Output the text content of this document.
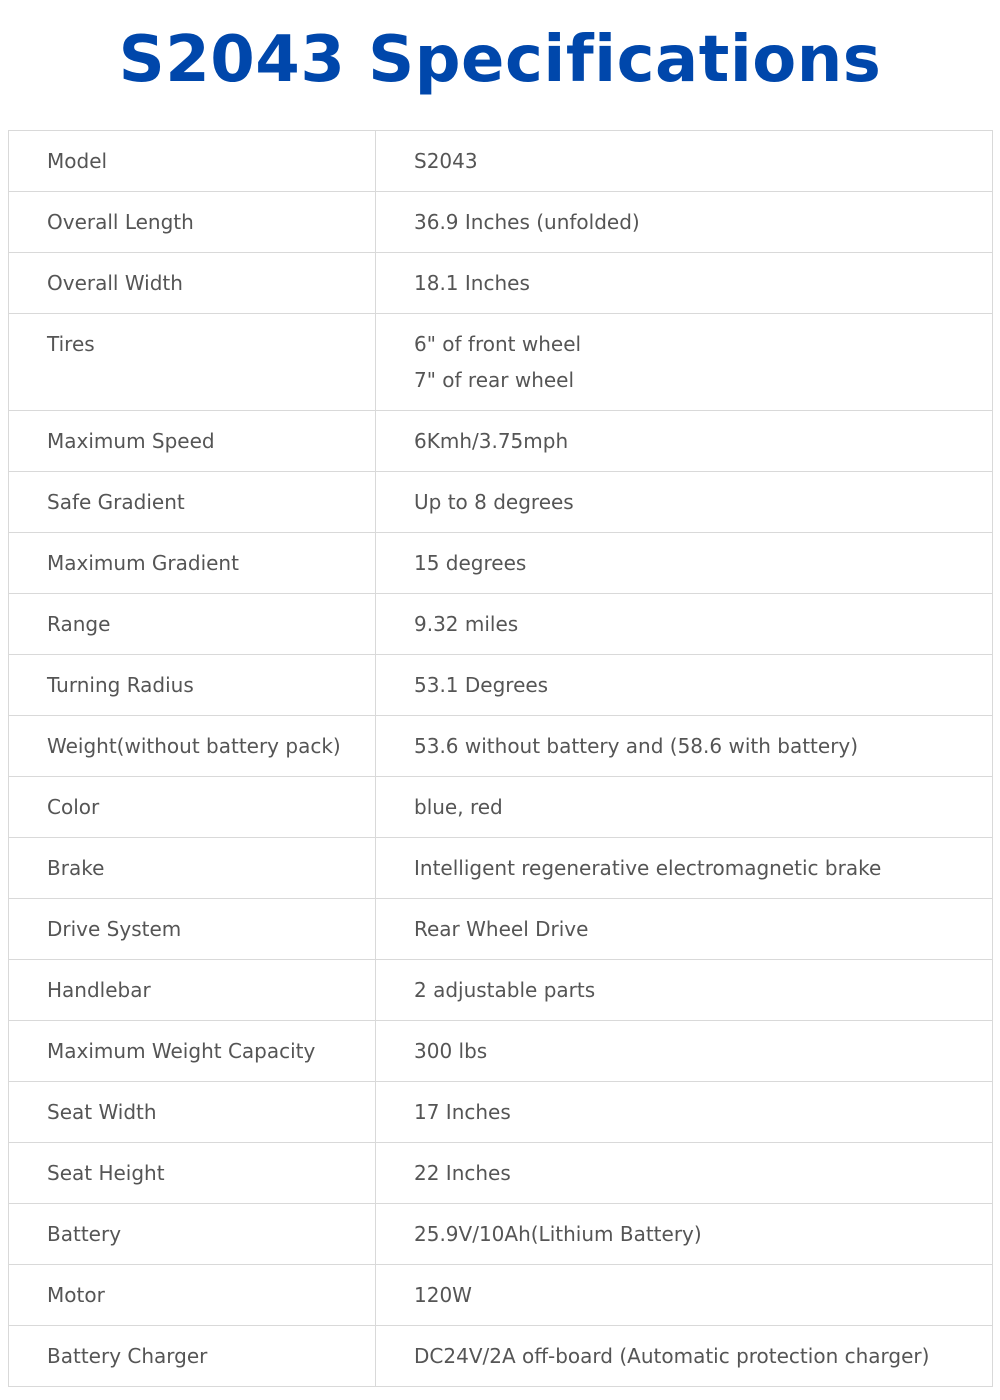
S2043 Specifications
Model	S2043

Overall Length	36.9 Inches (unfolded)

Overall Width	18.1 Inches

Tires	6" of front wheel
7" of rear wheel

Maximum Speed	6Kmh/3.75mph

Safe Gradient	Up to 8 degrees

Maximum Gradient	15 degrees

Range	9.32 miles

Turning Radius	53.1 Degrees

Weight(without battery pack)	53.6 without battery and (58.6 with battery)

Color	blue, red

Brake	Intelligent regenerative electromagnetic brake

Drive System	Rear Wheel Drive

Handlebar	2 adjustable parts

Maximum Weight Capacity	300 lbs

Seat Width	17 Inches

Seat Height	22 Inches

Battery	25.9V/10Ah(Lithium Battery)

Motor	120W

Battery Charger	DC24V/2A off-board (Automatic protection charger)
